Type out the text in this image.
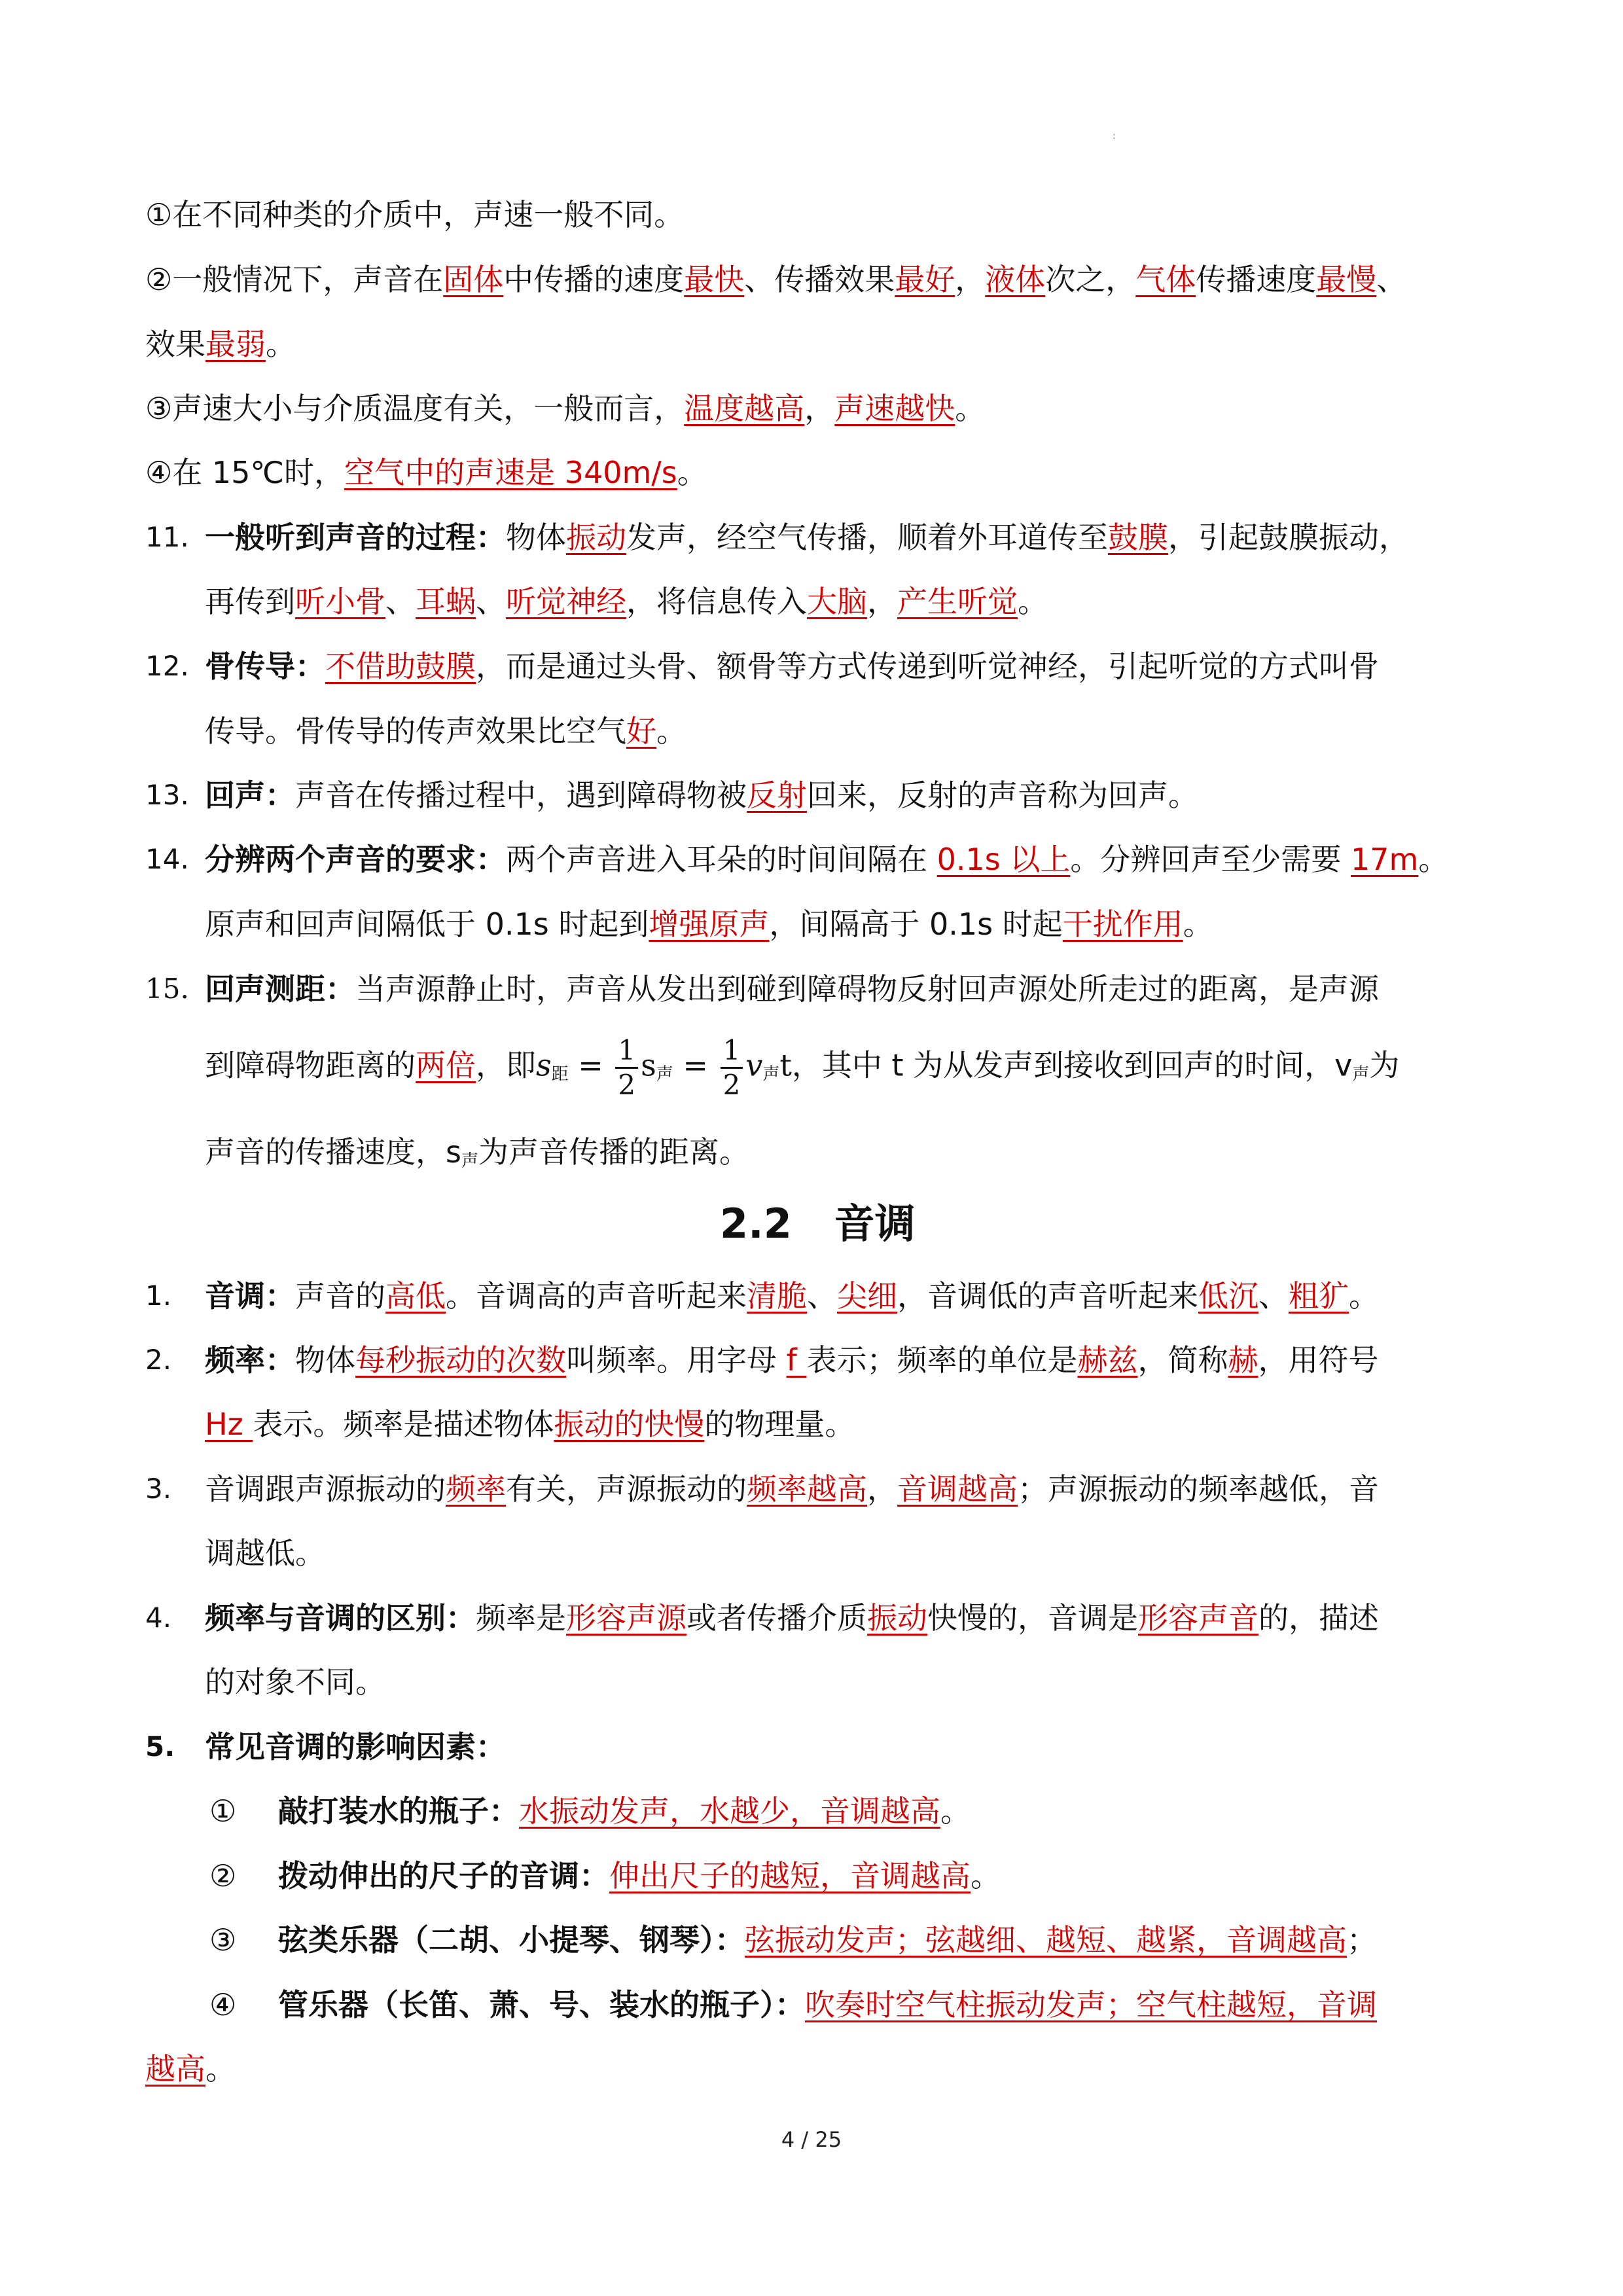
:
①在不同种类的介质中，声速一般不同。
②一般情况下，声音在固体中传播的速度最快、传播效果最好，液体次之，气体传播速度最慢、
效果最弱。
③声速大小与介质温度有关，一般而言，温度越高，声速越快。
④在 15℃时，空气中的声速是 340m/s。
11. 一般听到声音的过程：物体振动发声，经空气传播，顺着外耳道传至鼓膜，引起鼓膜振动，
再传到听小骨、耳蜗、听觉神经，将信息传入大脑，产生听觉。
12. 骨传导：不借助鼓膜，而是通过头骨、额骨等方式传递到听觉神经，引起听觉的方式叫骨
传导。骨传导的传声效果比空气好。
13. 回声：声音在传播过程中，遇到障碍物被反射回来，反射的声音称为回声。
14. 分辨两个声音的要求：两个声音进入耳朵的时间间隔在 0.1s 以上。分辨回声至少需要 17m。
原声和回声间隔低于 0.1s 时起到增强原声，间隔高于 0.1s 时起干扰作用。
15. 回声测距：当声源静止时，声音从发出到碰到障碍物反射回声源处所走过的距离，是声源
到障碍物距离的两倍，即$s_距 = \frac{1}{2} s_声 = \frac{1}{2} v_声t$，其中 t 为从发声到接收到回声的时间，$v_声$为
声音的传播速度，$s_声$为声音传播的距离。
2.2 音调
1. 音调：声音的高低。音调高的声音听起来清脆、尖细，音调低的声音听起来低沉、粗犷。
2. 频率：物体每秒振动的次数叫频率。用字母 f 表示；频率的单位是赫兹，简称赫，用符号
Hz 表示。频率是描述物体振动的快慢的物理量。
3. 音调跟声源振动的频率有关，声源振动的频率越高，音调越高；声源振动的频率越低，音
调越低。
4. 频率与音调的区别：频率是形容声源或者传播介质振动快慢的，音调是形容声音的，描述
的对象不同。
5. 常见音调的影响因素：
① 敲打装水的瓶子：水振动发声，水越少，音调越高。
② 拨动伸出的尺子的音调：伸出尺子的越短，音调越高。
③ 弦类乐器（二胡、小提琴、钢琴）：弦振动发声；弦越细、越短、越紧，音调越高；
④ 管乐器（长笛、萧、号、装水的瓶子）：吹奏时空气柱振动发声；空气柱越短，音调
越高。
4 / 25
